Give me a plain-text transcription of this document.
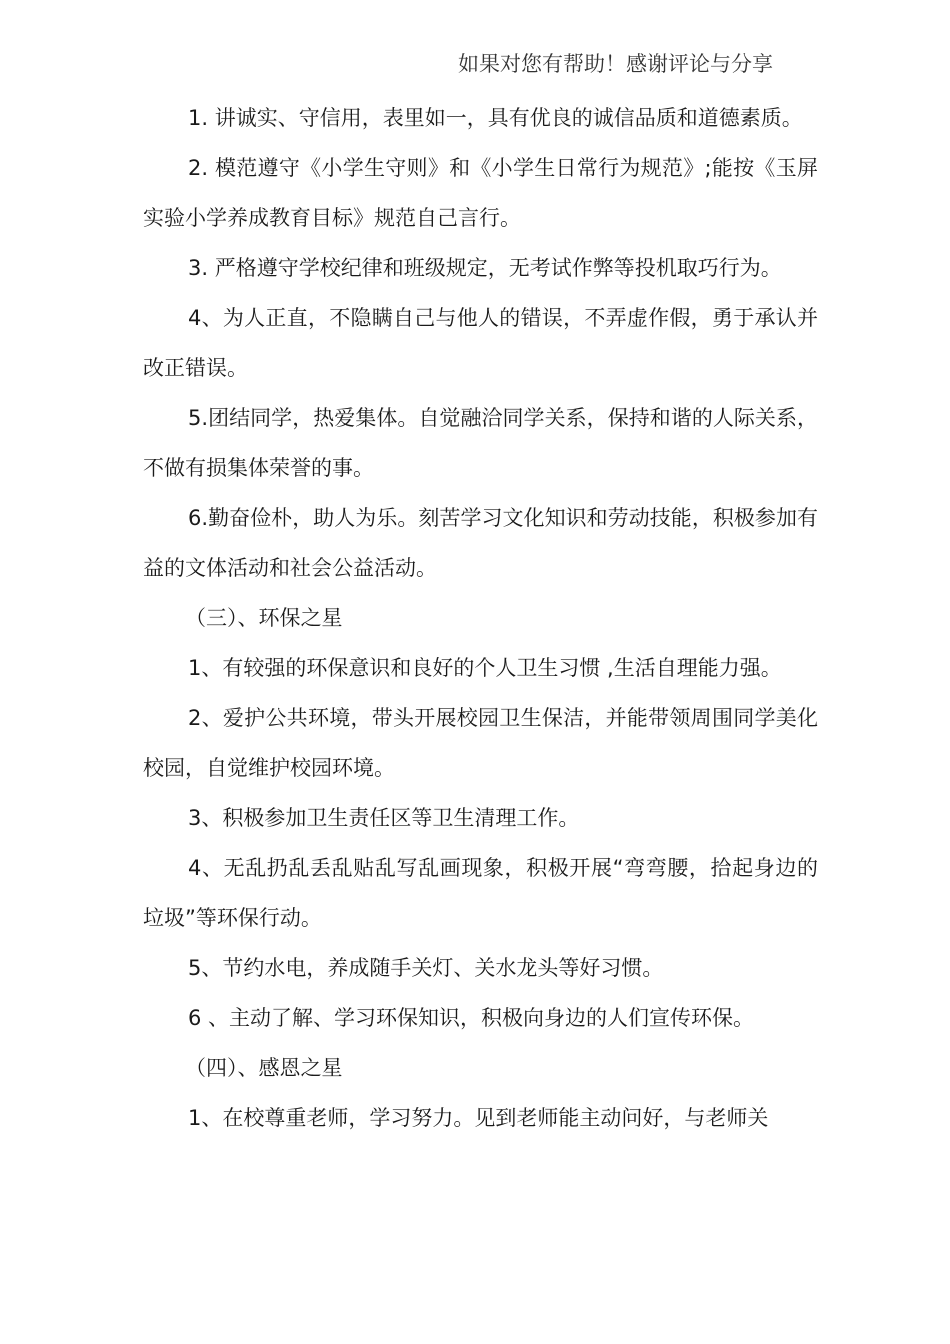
如果对您有帮助！感谢评论与分享

1. 讲诚实、守信用，表里如一，具有优良的诚信品质和道德素质。

2. 模范遵守《小学生守则》和《小学生日常行为规范》;能按《玉屏实验小学养成教育目标》规范自己言行。

3. 严格遵守学校纪律和班级规定，无考试作弊等投机取巧行为。

4、为人正直，不隐瞒自己与他人的错误，不弄虚作假，勇于承认并改正错误。

5.团结同学，热爱集体。自觉融洽同学关系，保持和谐的人际关系，不做有损集体荣誉的事。

6.勤奋俭朴，助人为乐。刻苦学习文化知识和劳动技能，积极参加有益的文体活动和社会公益活动。

（三）、环保之星

1、有较强的环保意识和良好的个人卫生习惯 ,生活自理能力强。

2、爱护公共环境，带头开展校园卫生保洁，并能带领周围同学美化校园，自觉维护校园环境。

3、积极参加卫生责任区等卫生清理工作。

4、无乱扔乱丢乱贴乱写乱画现象，积极开展“弯弯腰，拾起身边的垃圾”等环保行动。

5、节约水电，养成随手关灯、关水龙头等好习惯。

6 、主动了解、学习环保知识，积极向身边的人们宣传环保。

（四）、感恩之星

1、在校尊重老师，学习努力。见到老师能主动问好，与老师关
